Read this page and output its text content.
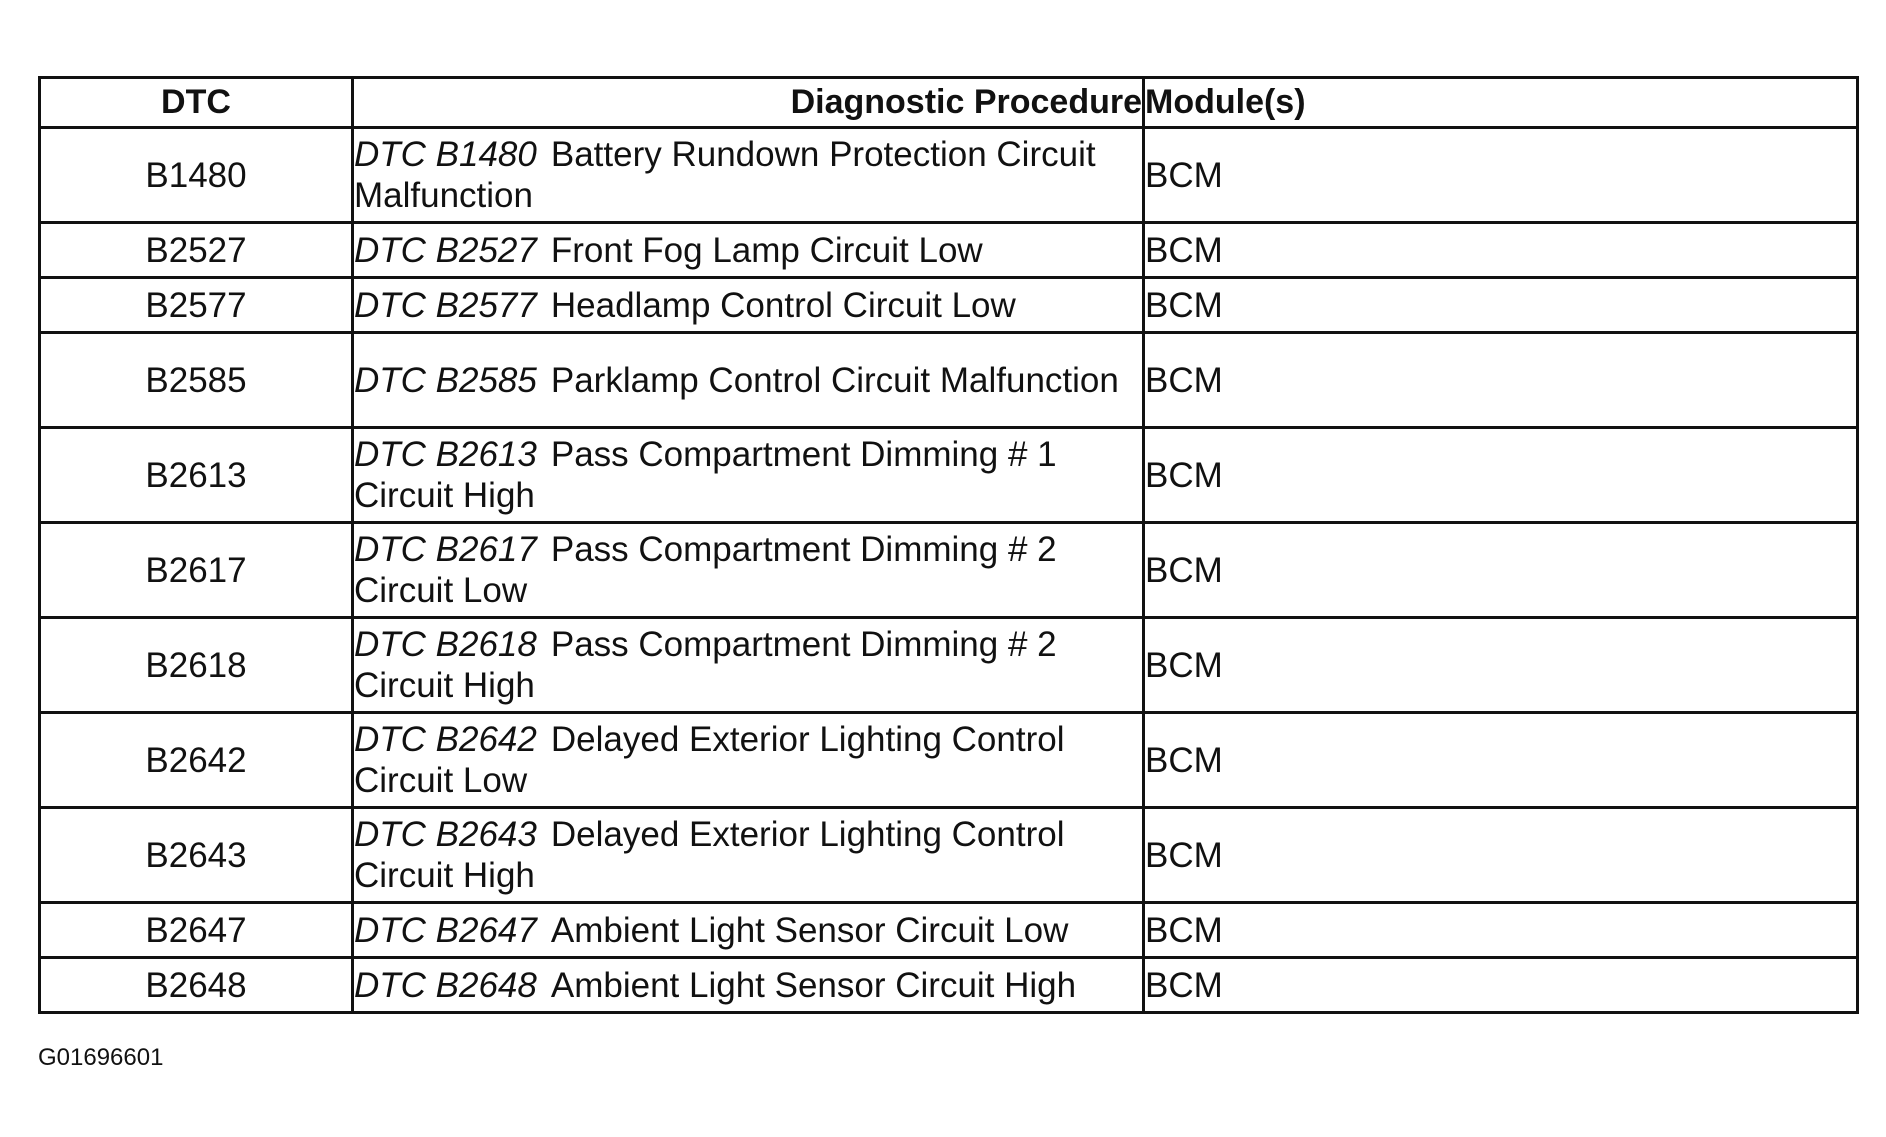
DTC	Diagnostic Procedure	Module(s)
B1480	DTC B1480 Battery Rundown Protection Circuit Malfunction	BCM
B2527	DTC B2527 Front Fog Lamp Circuit Low	BCM
B2577	DTC B2577 Headlamp Control Circuit Low	BCM
B2585	DTC B2585 Parklamp Control Circuit Malfunction	BCM
B2613	DTC B2613 Pass Compartment Dimming # 1 Circuit High	BCM
B2617	DTC B2617 Pass Compartment Dimming # 2 Circuit Low	BCM
B2618	DTC B2618 Pass Compartment Dimming # 2 Circuit High	BCM
B2642	DTC B2642 Delayed Exterior Lighting Control Circuit Low	BCM
B2643	DTC B2643 Delayed Exterior Lighting Control Circuit High	BCM
B2647	DTC B2647 Ambient Light Sensor Circuit Low	BCM
B2648	DTC B2648 Ambient Light Sensor Circuit High	BCM
G01696601
